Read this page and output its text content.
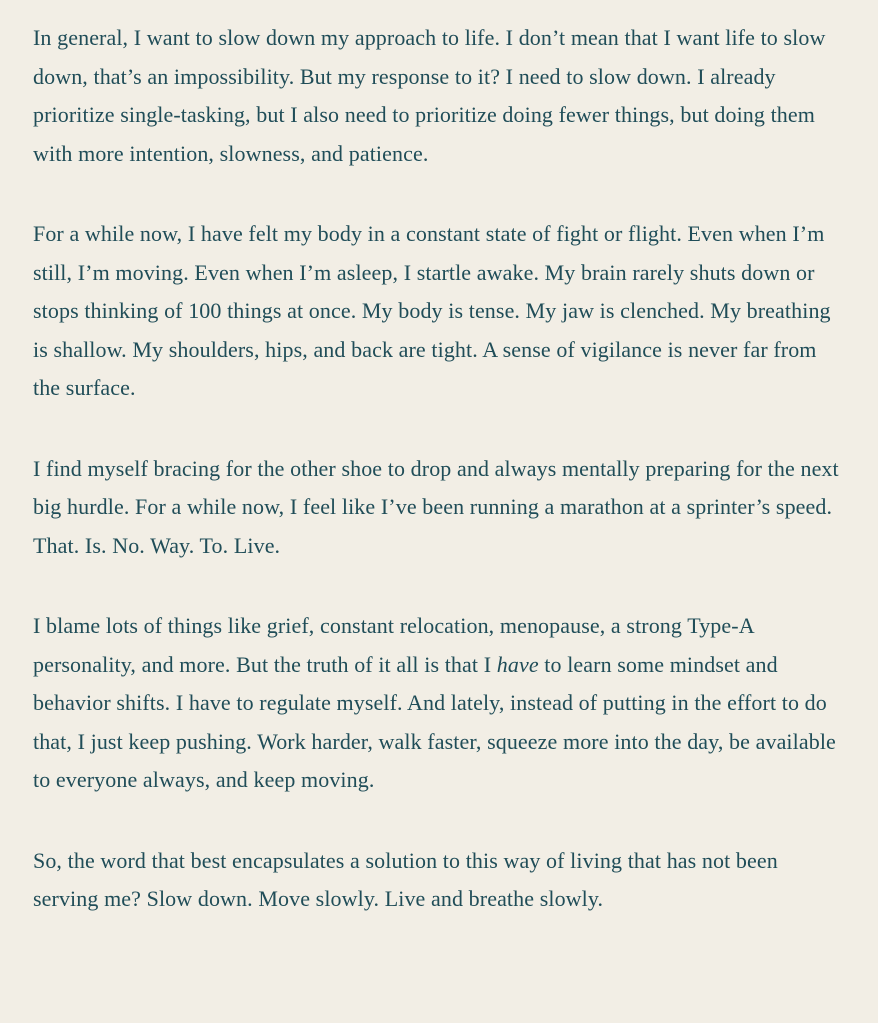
In general, I want to slow down my approach to life. I don’t mean that I want life to slow down, that’s an impossibility. But my response to it? I need to slow down. I already prioritize single-tasking, but I also need to prioritize doing fewer things, but doing them with more intention, slowness, and patience.

For a while now, I have felt my body in a constant state of fight or flight. Even when I’m still, I’m moving. Even when I’m asleep, I startle awake. My brain rarely shuts down or stops thinking of 100 things at once. My body is tense. My jaw is clenched. My breathing is shallow. My shoulders, hips, and back are tight. A sense of vigilance is never far from the surface.

I find myself bracing for the other shoe to drop and always mentally preparing for the next big hurdle. For a while now, I feel like I’ve been running a marathon at a sprinter’s speed. That. Is. No. Way. To. Live.

I blame lots of things like grief, constant relocation, menopause, a strong Type-A personality, and more. But the truth of it all is that I have to learn some mindset and behavior shifts. I have to regulate myself. And lately, instead of putting in the effort to do that, I just keep pushing. Work harder, walk faster, squeeze more into the day, be available to everyone always, and keep moving.

So, the word that best encapsulates a solution to this way of living that has not been serving me? Slow down. Move slowly. Live and breathe slowly.
